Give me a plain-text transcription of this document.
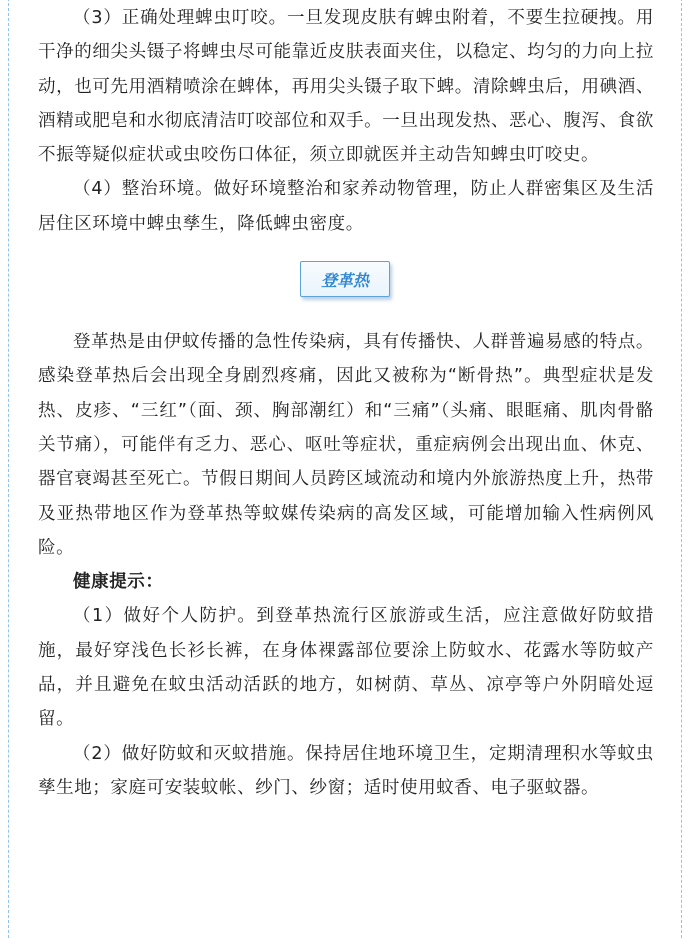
（3）正确处理蜱虫叮咬。一旦发现皮肤有蜱虫附着，不要生拉硬拽。用干净的细尖头镊子将蜱虫尽可能靠近皮肤表面夹住，以稳定、均匀的力向上拉动，也可先用酒精喷涂在蜱体，再用尖头镊子取下蜱。清除蜱虫后，用碘酒、酒精或肥皂和水彻底清洁叮咬部位和双手。一旦出现发热、恶心、腹泻、食欲不振等疑似症状或虫咬伤口体征，须立即就医并主动告知蜱虫叮咬史。

（4）整治环境。做好环境整治和家养动物管理，防止人群密集区及生活居住区环境中蜱虫孳生，降低蜱虫密度。

登革热

登革热是由伊蚊传播的急性传染病，具有传播快、人群普遍易感的特点。感染登革热后会出现全身剧烈疼痛，因此又被称为“断骨热”。典型症状是发热、皮疹、“三红”（面、颈、胸部潮红）和“三痛”（头痛、眼眶痛、肌肉骨骼关节痛），可能伴有乏力、恶心、呕吐等症状，重症病例会出现出血、休克、器官衰竭甚至死亡。节假日期间人员跨区域流动和境内外旅游热度上升，热带及亚热带地区作为登革热等蚊媒传染病的高发区域，可能增加输入性病例风险。

健康提示：

（1）做好个人防护。到登革热流行区旅游或生活，应注意做好防蚊措施，最好穿浅色长衫长裤，在身体裸露部位要涂上防蚊水、花露水等防蚊产品，并且避免在蚊虫活动活跃的地方，如树荫、草丛、凉亭等户外阴暗处逗留。

（2）做好防蚊和灭蚊措施。保持居住地环境卫生，定期清理积水等蚊虫孳生地；家庭可安装蚊帐、纱门、纱窗；适时使用蚊香、电子驱蚊器。
